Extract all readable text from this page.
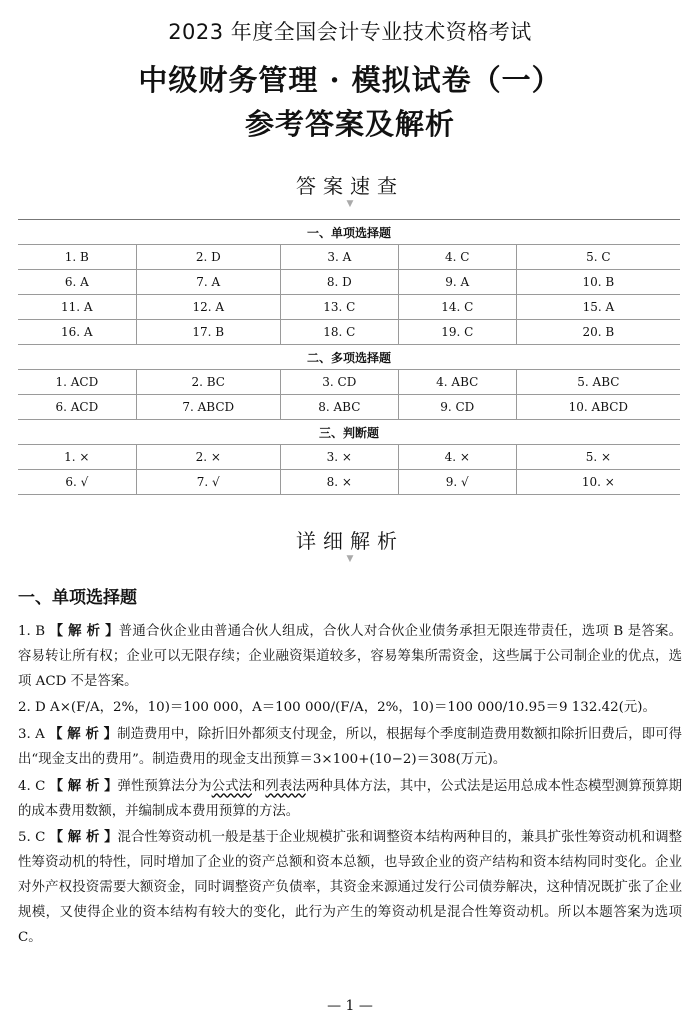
2023 年度全国会计专业技术资格考试
中级财务管理 · 模拟试卷（一）
参考答案及解析
答案速查
▼
一、单项选择题				
1. B	2. D	3. A	4. C	5. C
6. A	7. A	8. D	9. A	10. B
11. A	12. A	13. C	14. C	15. A
16. A	17. B	18. C	19. C	20. B
二、多项选择题				
1. ACD	2. BC	3. CD	4. ABC	5. ABC
6. ACD	7. ABCD	8. ABC	9. CD	10. ABCD
三、判断题				
1. ×	2. ×	3. ×	4. ×	5. ×
6. √	7. √	8. ×	9. √	10. ×
详细解析
▼
一、单项选择题
1. B 【 解 析 】普通合伙企业由普通合伙人组成，合伙人对合伙企业债务承担无限连带责任，选项 B 是答案。容易转让所有权；企业可以无限存续；企业融资渠道较多，容易筹集所需资金，这些属于公司制企业的优点，选项 ACD 不是答案。
2. D A×(F/A，2%，10)＝100 000，A＝100 000/(F/A，2%，10)＝100 000/10.95＝9 132.42(元)。
3. A 【 解 析 】制造费用中，除折旧外都须支付现金，所以，根据每个季度制造费用数额扣除折旧费后，即可得出“现金支出的费用”。制造费用的现金支出预算＝3×100+(10−2)＝308(万元)。
4. C 【 解 析 】弹性预算法分为公式法和列表法两种具体方法，其中，公式法是运用总成本性态模型测算预算期的成本费用数额，并编制成本费用预算的方法。
5. C 【 解 析 】混合性筹资动机一般是基于企业规模扩张和调整资本结构两种目的，兼具扩张性筹资动机和调整性筹资动机的特性，同时增加了企业的资产总额和资本总额，也导致企业的资产结构和资本结构同时变化。企业对外产权投资需要大额资金，同时调整资产负债率，其资金来源通过发行公司债券解决，这种情况既扩张了企业规模，又使得企业的资本结构有较大的变化，此行为产生的筹资动机是混合性筹资动机。所以本题答案为选项 C。
— 1 —
